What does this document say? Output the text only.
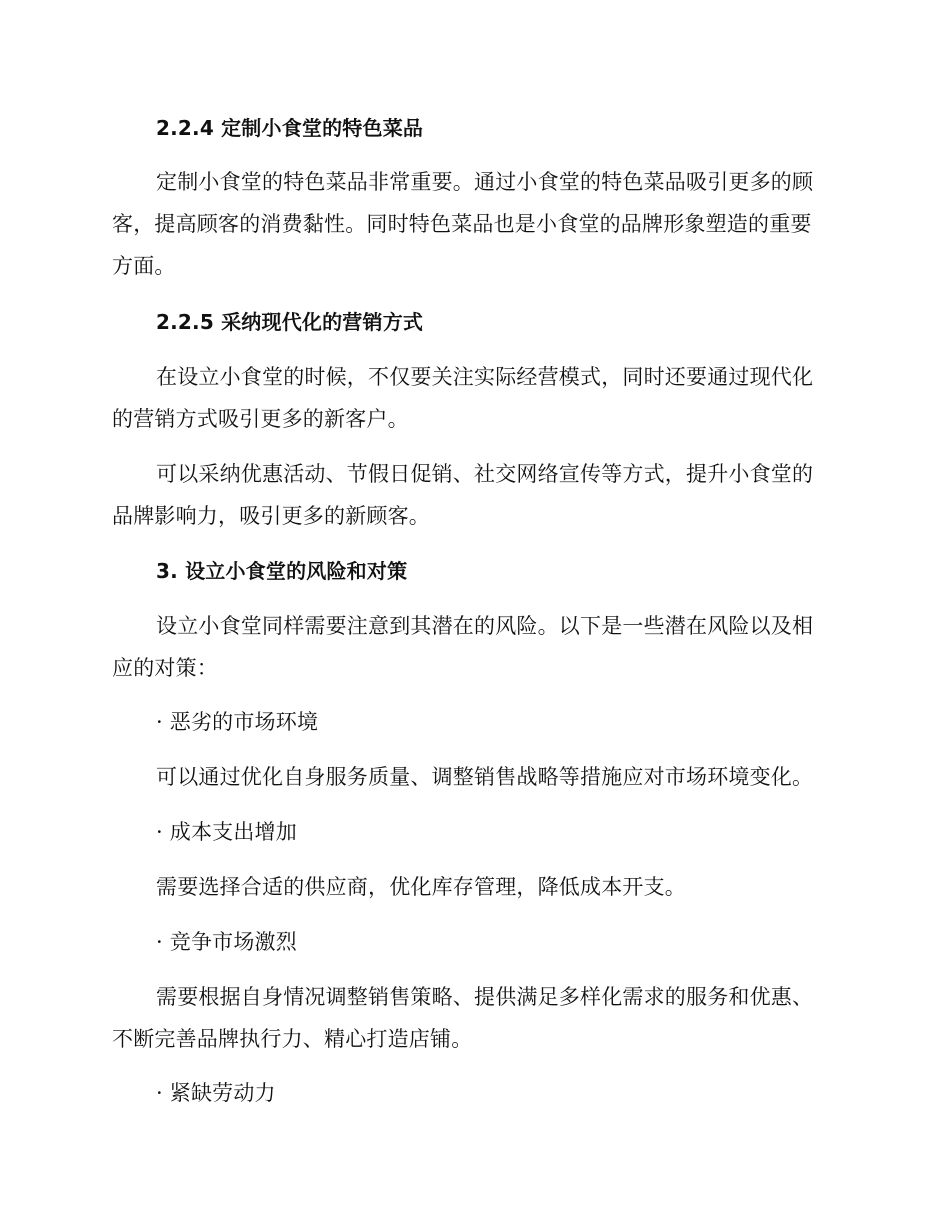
2.2.4 定制小食堂的特色菜品
定制小食堂的特色菜品非常重要。通过小食堂的特色菜品吸引更多的顾
客，提高顾客的消费黏性。同时特色菜品也是小食堂的品牌形象塑造的重要
方面。
2.2.5 采纳现代化的营销方式
在设立小食堂的时候，不仅要关注实际经营模式，同时还要通过现代化
的营销方式吸引更多的新客户。
可以采纳优惠活动、节假日促销、社交网络宣传等方式，提升小食堂的
品牌影响力，吸引更多的新顾客。
3. 设立小食堂的风险和对策
设立小食堂同样需要注意到其潜在的风险。以下是一些潜在风险以及相
应的对策：
· 恶劣的市场环境
可以通过优化自身服务质量、调整销售战略等措施应对市场环境变化。
· 成本支出增加
需要选择合适的供应商，优化库存管理，降低成本开支。
· 竞争市场激烈
需要根据自身情况调整销售策略、提供满足多样化需求的服务和优惠、
不断完善品牌执行力、精心打造店铺。
· 紧缺劳动力
